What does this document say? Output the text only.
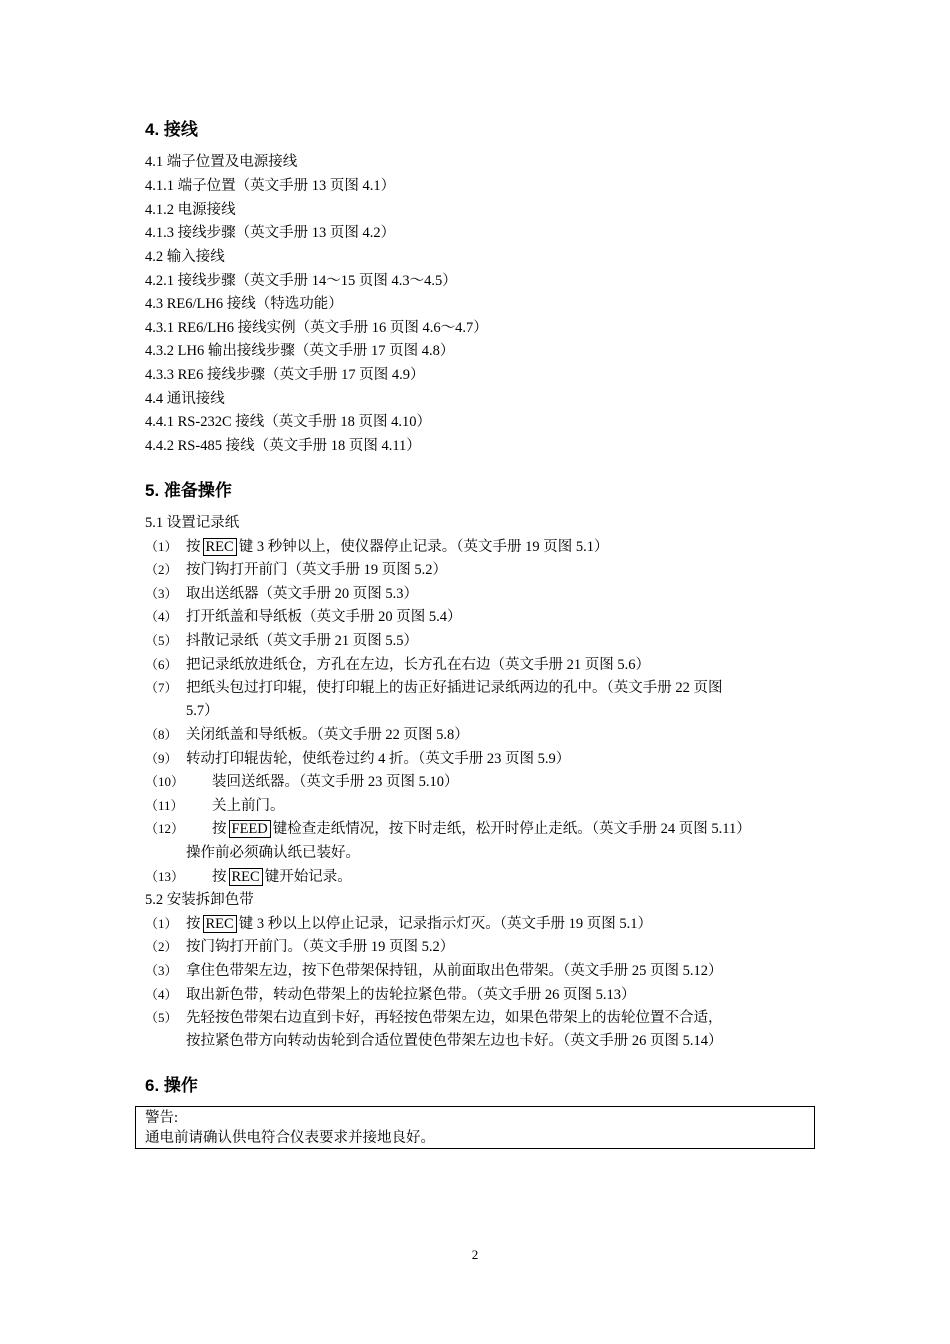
4. 接线
4.1 端子位置及电源接线
4.1.1 端子位置（英文手册 13 页图 4.1）
4.1.2 电源接线
4.1.3 接线步骤（英文手册 13 页图 4.2）
4.2 输入接线
4.2.1 接线步骤（英文手册 14～15 页图 4.3～4.5）
4.3 RE6/LH6 接线（特选功能）
4.3.1 RE6/LH6 接线实例（英文手册 16 页图 4.6～4.7）
4.3.2 LH6 输出接线步骤（英文手册 17 页图 4.8）
4.3.3 RE6 接线步骤（英文手册 17 页图 4.9）
4.4 通讯接线
4.4.1 RS-232C 接线（英文手册 18 页图 4.10）
4.4.2 RS-485 接线（英文手册 18 页图 4.11）
5. 准备操作
5.1 设置记录纸
（1） 按 REC 键 3 秒钟以上，使仪器停止记录。（英文手册 19 页图 5.1）
（2） 按门钩打开前门（英文手册 19 页图 5.2）
（3） 取出送纸器（英文手册 20 页图 5.3）
（4） 打开纸盖和导纸板（英文手册 20 页图 5.4）
（5） 抖散记录纸（英文手册 21 页图 5.5）
（6） 把记录纸放进纸仓，方孔在左边，长方孔在右边（英文手册 21 页图 5.6）
（7） 把纸头包过打印辊，使打印辊上的齿正好插进记录纸两边的孔中。（英文手册 22 页图
5.7）
（8） 关闭纸盖和导纸板。（英文手册 22 页图 5.8）
（9） 转动打印辊齿轮，使纸卷过约 4 折。（英文手册 23 页图 5.9）
（10） 装回送纸器。（英文手册 23 页图 5.10）
（11） 关上前门。
（12） 按 FEED 键检查走纸情况，按下时走纸，松开时停止走纸。（英文手册 24 页图 5.11）
操作前必须确认纸已装好。
（13） 按 REC 键开始记录。
5.2 安装拆卸色带
（1） 按 REC 键 3 秒以上以停止记录，记录指示灯灭。（英文手册 19 页图 5.1）
（2） 按门钩打开前门。（英文手册 19 页图 5.2）
（3） 拿住色带架左边，按下色带架保持钮，从前面取出色带架。（英文手册 25 页图 5.12）
（4） 取出新色带，转动色带架上的齿轮拉紧色带。（英文手册 26 页图 5.13）
（5） 先轻按色带架右边直到卡好，再轻按色带架左边，如果色带架上的齿轮位置不合适，
按拉紧色带方向转动齿轮到合适位置使色带架左边也卡好。（英文手册 26 页图 5.14）
6. 操作
警告:
通电前请确认供电符合仪表要求并接地良好。
2
